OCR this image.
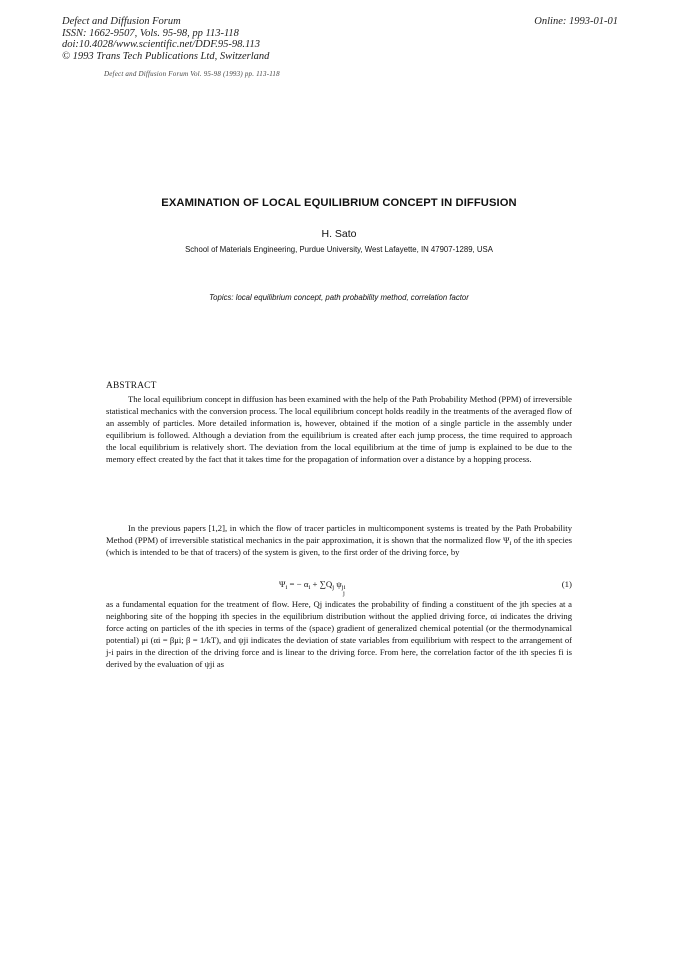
Defect and Diffusion Forum
ISSN: 1662-9507, Vols. 95-98, pp 113-118
doi:10.4028/www.scientific.net/DDF.95-98.113
© 1993 Trans Tech Publications Ltd, Switzerland
Online: 1993-01-01
Defect and Diffusion Forum Vol. 95-98 (1993) pp. 113-118
EXAMINATION OF LOCAL EQUILIBRIUM CONCEPT IN DIFFUSION
H. Sato
School of Materials Engineering, Purdue University, West Lafayette, IN 47907-1289, USA
Topics: local equilibrium concept, path probability method, correlation factor
ABSTRACT

The local equilibrium concept in diffusion has been examined with the help of the Path Probability Method (PPM) of irreversible statistical mechanics with the conversion process. The local equilibrium concept holds readily in the treatments of the averaged flow of an assembly of particles. More detailed information is, however, obtained if the motion of a single particle in the assembly under equilibrium is followed. Although a deviation from the equilibrium is created after each jump process, the time required to approach the local equilibrium is relatively short. The deviation from the local equilibrium at the time of jump is explained to be due to the memory effect created by the fact that it takes time for the propagation of information over a distance by a hopping process.

In the previous papers [1,2], in which the flow of tracer particles in multicomponent systems is treated by the Path Probability Method (PPM) of irreversible statistical mechanics in the pair approximation, it is shown that the normalized flow $\Psi_i$ of the ith species (which is intended to be that of tracers) of the system is given, to the first order of the driving force, by

$\Psi_i$ = − $\alpha_i + \sum Q_j$ $\psi_{ji}$
j
(1)

as a fundamental equation for the treatment of flow. Here, Qj indicates the probability of finding a constituent of the jth species at a neighboring site of the hopping ith species in the equilibrium distribution without the applied driving force, αi indicates the driving force acting on particles of the ith species in terms of the (space) gradient of generalized chemical potential (or the thermodynamical potential) μi (αi = βμi; β = 1/kT), and ψji indicates the deviation of state variables from equilibrium with respect to the arrangement of j-i pairs in the direction of the driving force and is linear to the driving force. From here, the correlation factor of the ith species fi is derived by the evaluation of ψji as
